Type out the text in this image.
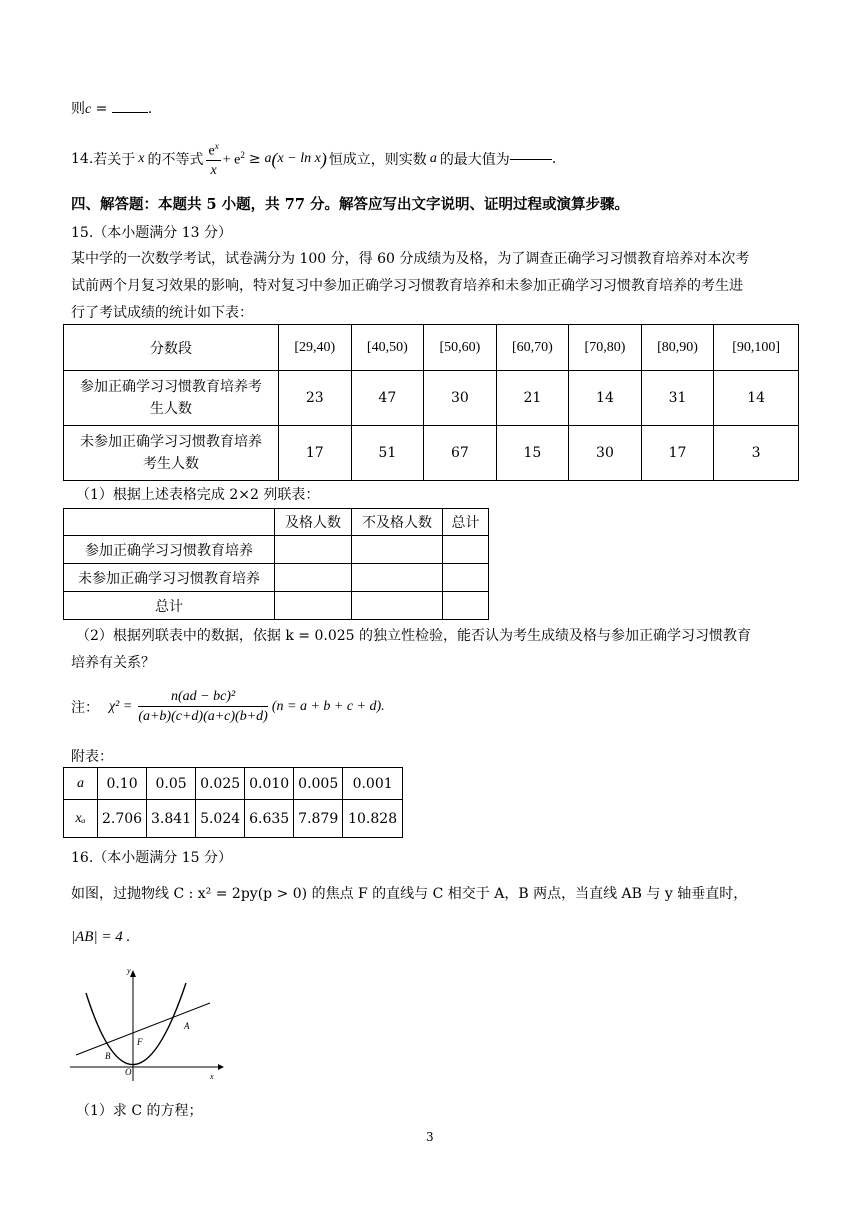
则c =	.
14. 若关于 x 的不等式 $\frac{e^x}{x} + e^2 \ge a$ ( x − ln x ) 恒成立，则实数 a 的最大值为	.
四、解答题：本题共 5 小题，共 77 分。解答应写出文字说明、证明过程或演算步骤。
15.（本小题满分 13 分）
某中学的一次数学考试，试卷满分为 100 分，得 60 分成绩为及格，为了调查正确学习习惯教育培养对本次考
试前两个月复习效果的影响，特对复习中参加正确学习习惯教育培养和未参加正确学习习惯教育培养的考生进
行了考试成绩的统计如下表：
分数段	[29,40)	[40,50)	[50,60)	[60,70)	[70,80)	[80,90)	[90,100]

参加正确学习习惯教育培养考
生人数	23	47	30	21	14	31	14

未参加正确学习习惯教育培养
考生人数	17	51	67	15	30	17	3
（1）根据上述表格完成 2×2 列联表：
	及格人数	不及格人数	总计
参加正确学习习惯教育培养			
未参加正确学习习惯教育培养			
总计			
（2）根据列联表中的数据，依据 k = 0.025 的独立性检验，能否认为考生成绩及格与参加正确学习习惯教育
培养有关系？
注： $\chi^2 = \frac{\text{n(ad − bc)²}}{(a+b)(c+d)(a+c)(b+d)} (n = a + b + c + d)$.
附表：
a	0.10	0.05	0.025	0.010	0.005	0.001
xₐ	2.706	3.841	5.024	6.635	7.879	10.828
16.（本小题满分 15 分）
如图，过抛物线 C : x² = 2py(p > 0) 的焦点 F 的直线与 C 相交于 A，B 两点，当直线 AB 与 y 轴垂直时，
|AB| = 4 .
y
x
A
B
F
O
（1）求 C 的方程；
3
